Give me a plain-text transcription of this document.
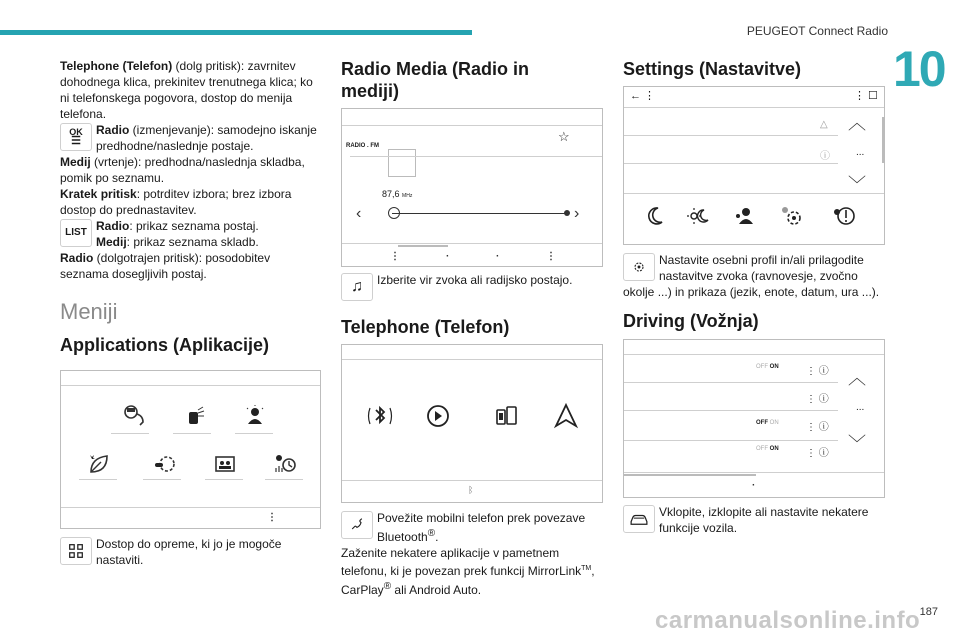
PEUGEOT Connect Radio
10

Telephone (Telefon) (dolg pritisk): zavrnitev dohodnega klica, prekinitev trenutnega klica; ko ni telefonskega pogovora, dostop do menija telefona.

OK
☰

Radio (izmenjevanje): samodejno iskanje predhodne/naslednje postaje.

Medij (vrtenje): predhodna/naslednja skladba, pomik po seznamu.

Kratek pritisk: potrditev izbora; brez izbora dostop do prednastavitev.

LIST Radio: prikaz seznama postaj.

Medij: prikaz seznama skladb.

Radio (dolgotrajen pritisk): posodobitev seznama dosegljivih postaj.

Meniji
Applications (Aplikacije)
⋮

Dostop do opreme, ki jo je mogoče nastaviti.

Radio Media (Radio in mediji)
RADIO . FM
☆
87,6 MHz
‹	›
⋮	·	·	⋮
♫	Izberite vir zvoka ali radijsko postajo.

Telephone (Telefon)
ᛒ

Povežite mobilni telefon prek povezave Bluetooth®.

Zaženite nekatere aplikacije v pametnem telefonu, ki je povezan prek funkcij MirrorLink™, CarPlay® ali Android Auto.

Settings (Nastavitve)
← ⋮	⋮ ☐
△
ⓘ
︿
...
﹀

Nastavite osebni profil in/ali prilagodite nastavitve zvoka (ravnovesje, zvočno okolje ...) in prikaza (jezik, enote, datum, ura ...).

Driving (Vožnja)
OFF ON
OFF ON
OFF ON
⋮ ⓘ
⋮ ⓘ
⋮ ⓘ
⋮ ⓘ
︿
...
﹀
·

Vklopite, izklopite ali nastavite nekatere funkcije vozila.

carmanualsonline.info 187
